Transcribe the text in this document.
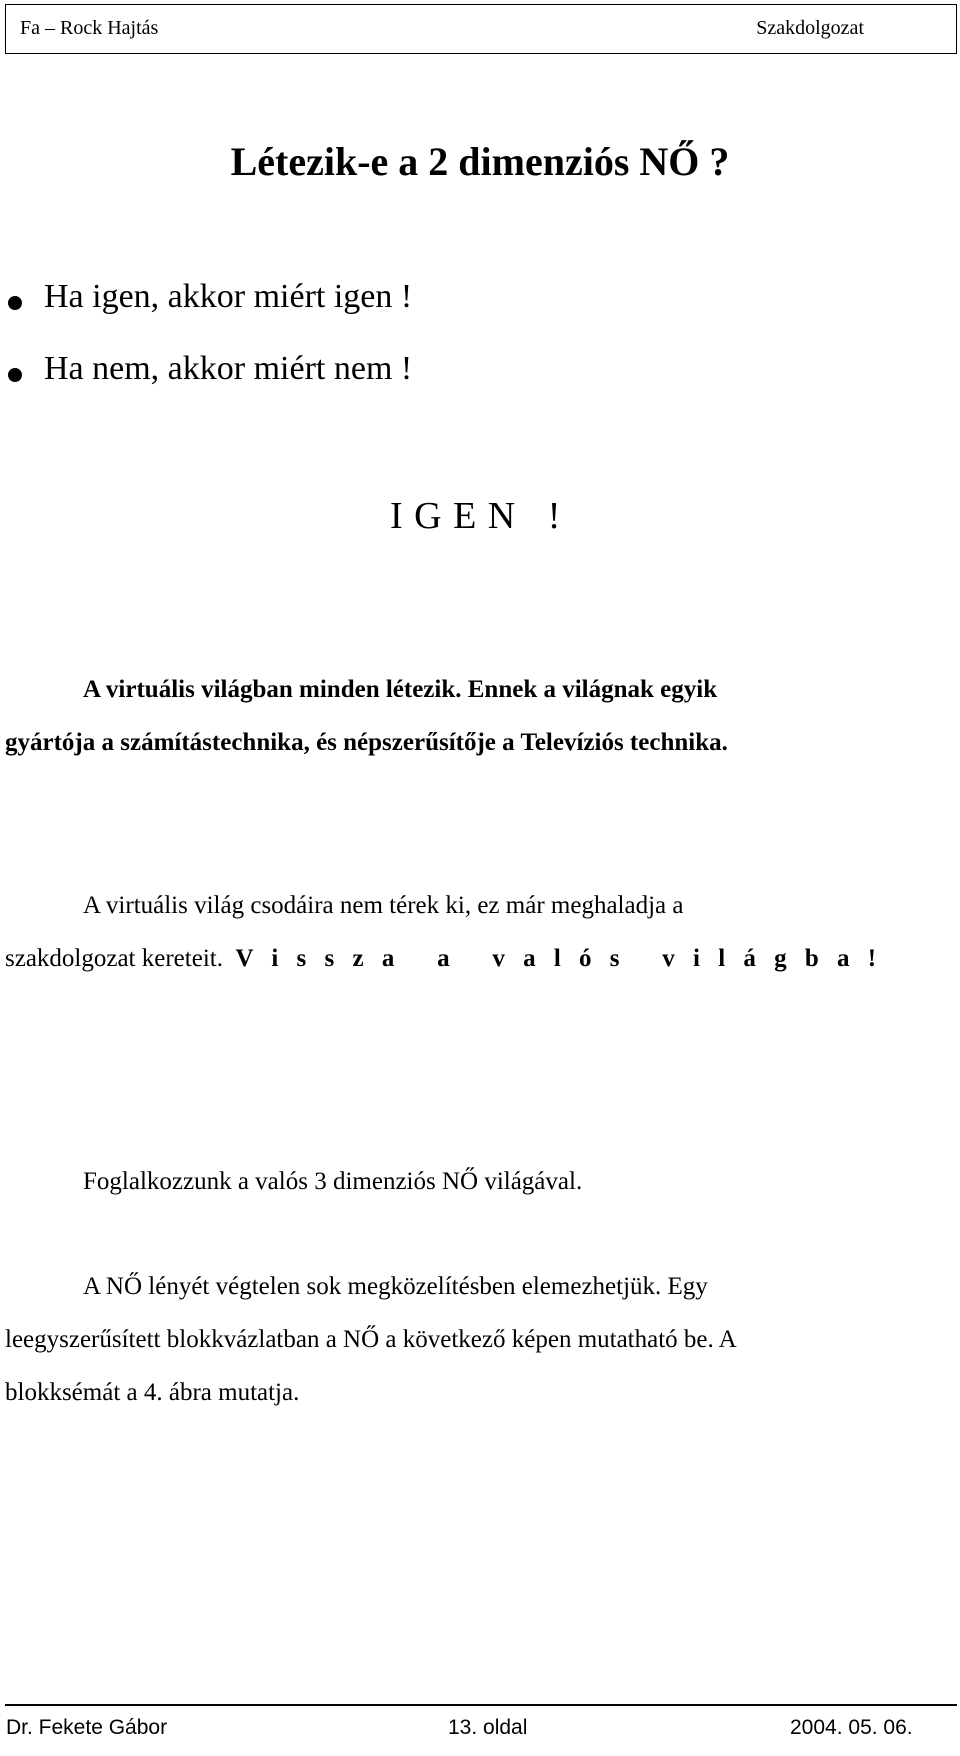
Fa – Rock Hajtás	Szakdolgozat
Létezik-e a 2 dimenziós NŐ ?
Ha igen, akkor miért igen !
Ha nem, akkor miért nem !
I G E N   !
A virtuális világban minden létezik. Ennek a világnak egyik
gyártója a számítástechnika, és népszerűsítője a Televíziós technika.
A virtuális világ csodáira nem térek ki, ez már meghaladja a
szakdolgozat kereteit. V i s s z a   a   v a l ó s   v i l á g b a !
Foglalkozzunk a valós 3 dimenziós NŐ világával.
A NŐ lényét végtelen sok megközelítésben elemezhetjük. Egy
leegyszerűsített blokkvázlatban a NŐ a következő képen mutatható be. A
blokksémát a 4. ábra mutatja.
Dr. Fekete Gábor	13. oldal	2004. 05. 06.
